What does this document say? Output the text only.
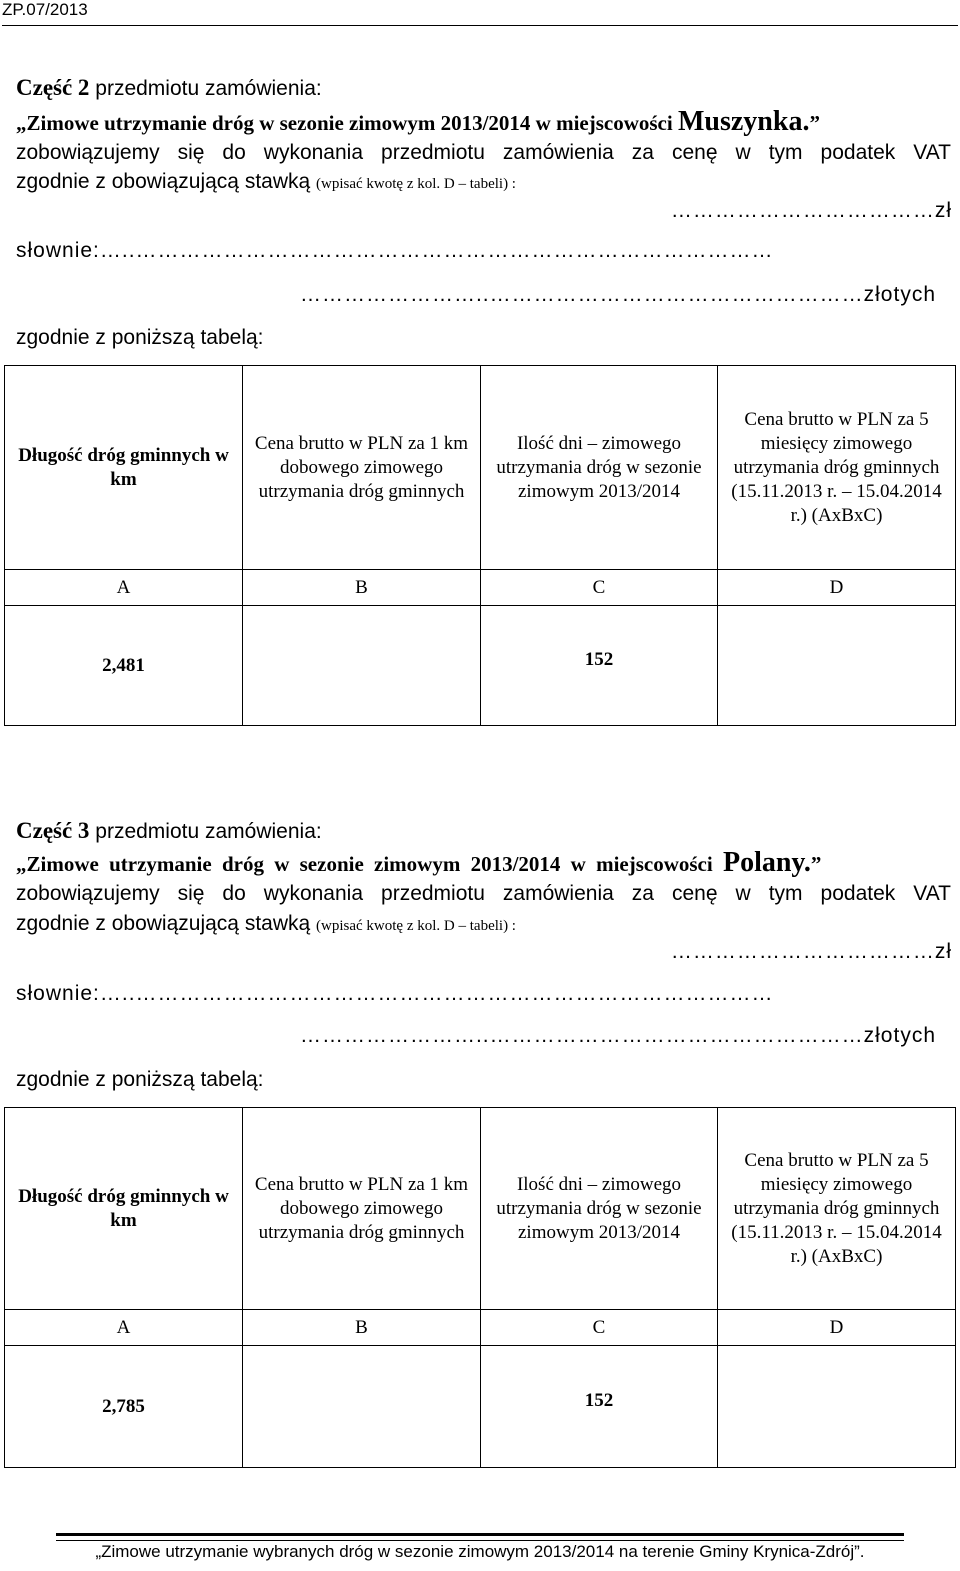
ZP.07/2013
Część 2 przedmiotu zamówienia:
„Zimowe utrzymanie dróg w sezonie zimowym 2013/2014 w miejscowości Muszynka.”
zobowiązujemy się do wykonania przedmiotu zamówienia za cenę w tym podatek VAT
zgodnie z obowiązującą stawką (wpisać kwotę z kol. D – tabeli) :
………………………………zł
słownie:…..……………………………………………………………………………
……………………..……………………………………………złotych
zgodnie z poniższą tabelą:
Długość dróg gminnych w km	Cena brutto w PLN za 1 km dobowego zimowego utrzymania dróg gminnych	Ilość dni – zimowego utrzymania dróg w sezonie zimowym 2013/2014	Cena brutto w PLN za 5 miesięcy zimowego utrzymania dróg gminnych (15.11.2013 r. – 15.04.2014 r.) (AxBxC)
A	B	C	D
2,481		152	
Część 3 przedmiotu zamówienia:
„Zimowe utrzymanie dróg w sezonie zimowym 2013/2014 w miejscowości Polany.”
zobowiązujemy się do wykonania przedmiotu zamówienia za cenę w tym podatek VAT
zgodnie z obowiązującą stawką (wpisać kwotę z kol. D – tabeli) :
………………………………zł
słownie:…..……………………………………………………………………………
……………………..……………………………………………złotych
zgodnie z poniższą tabelą:
Długość dróg gminnych w km	Cena brutto w PLN za 1 km dobowego zimowego utrzymania dróg gminnych	Ilość dni – zimowego utrzymania dróg w sezonie zimowym 2013/2014	Cena brutto w PLN za 5 miesięcy zimowego utrzymania dróg gminnych (15.11.2013 r. – 15.04.2014 r.) (AxBxC)
A	B	C	D
2,785		152	
„Zimowe utrzymanie wybranych dróg w sezonie zimowym 2013/2014 na terenie Gminy Krynica-Zdrój”.
